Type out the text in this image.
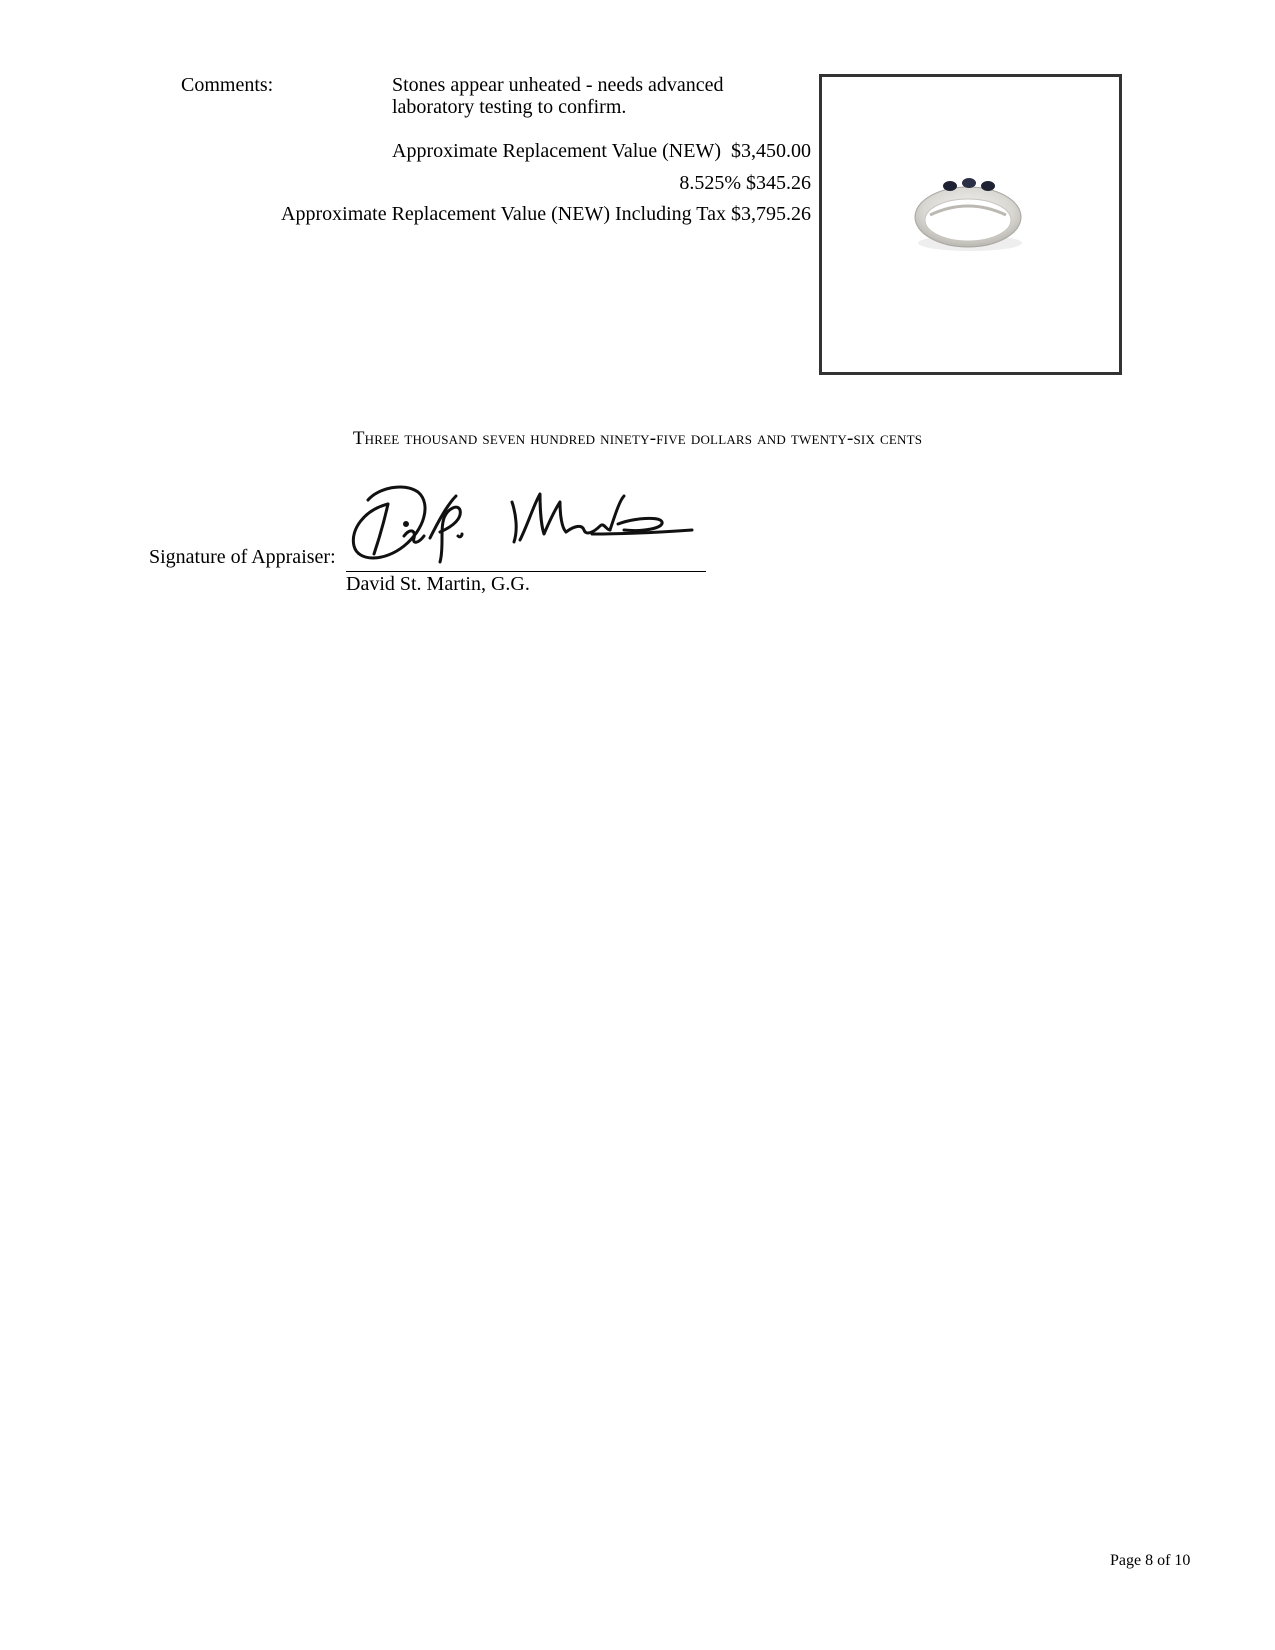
Comments:	Stones appear unheated - needs advanced
laboratory testing to confirm.
Approximate Replacement Value (NEW) $3,450.00
8.525% $345.26
Approximate Replacement Value (NEW) Including Tax $3,795.26
Three thousand seven hundred ninety-five dollars and twenty-six cents
Signature of Appraiser:
David St. Martin, G.G.
Page 8 of 10
